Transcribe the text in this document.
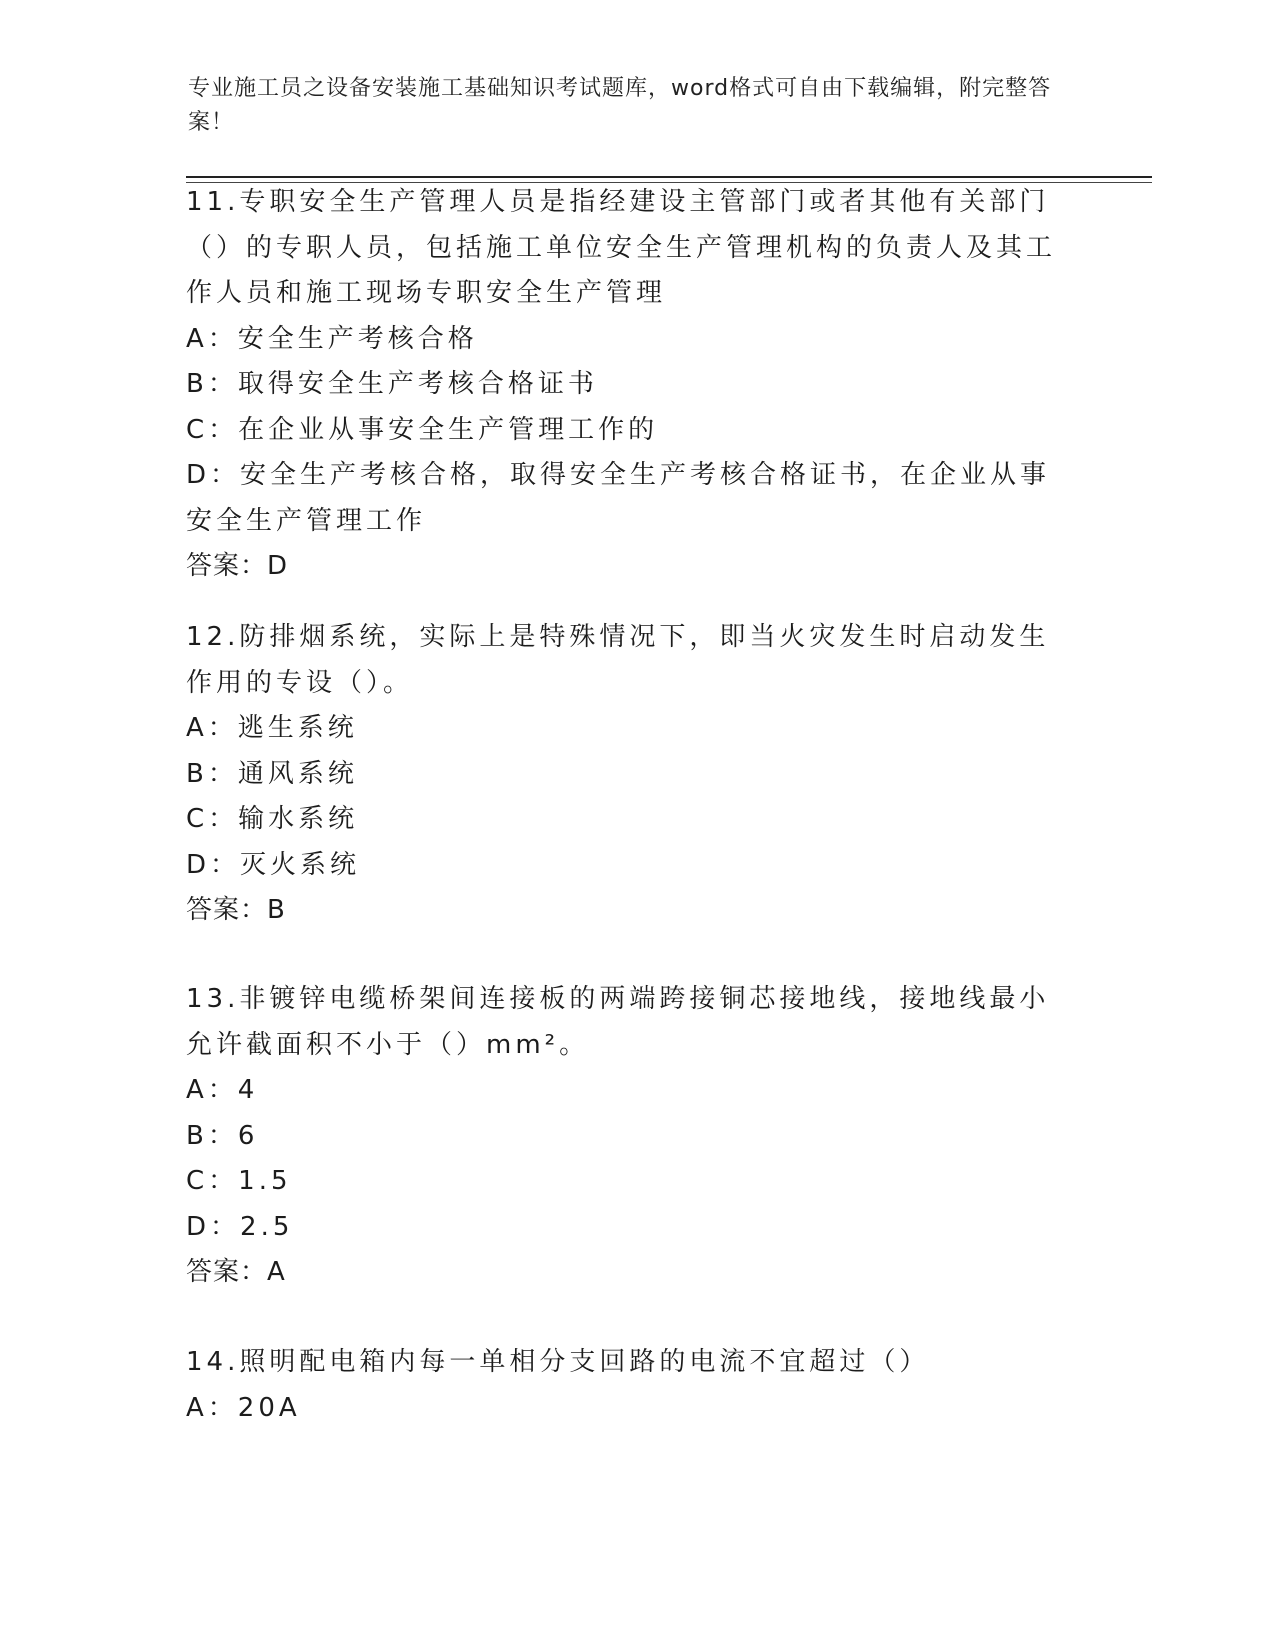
专业施工员之设备安装施工基础知识考试题库，word格式可自由下载编辑，附完整答案！

11.专职安全生产管理人员是指经建设主管部门或者其他有关部门（）的专职人员，包括施工单位安全生产管理机构的负责人及其工作人员和施工现场专职安全生产管理

A：安全生产考核合格

B：取得安全生产考核合格证书

C：在企业从事安全生产管理工作的

D：安全生产考核合格，取得安全生产考核合格证书，在企业从事安全生产管理工作

答案：D

12.防排烟系统，实际上是特殊情况下，即当火灾发生时启动发生作用的专设（）。

A：逃生系统

B：通风系统

C：输水系统

D：灭火系统

答案：B

13.非镀锌电缆桥架间连接板的两端跨接铜芯接地线，接地线最小允许截面积不小于（）mm²。

A：4

B：6

C：1.5

D：2.5

答案：A

14.照明配电箱内每一单相分支回路的电流不宜超过（）

A：20A
